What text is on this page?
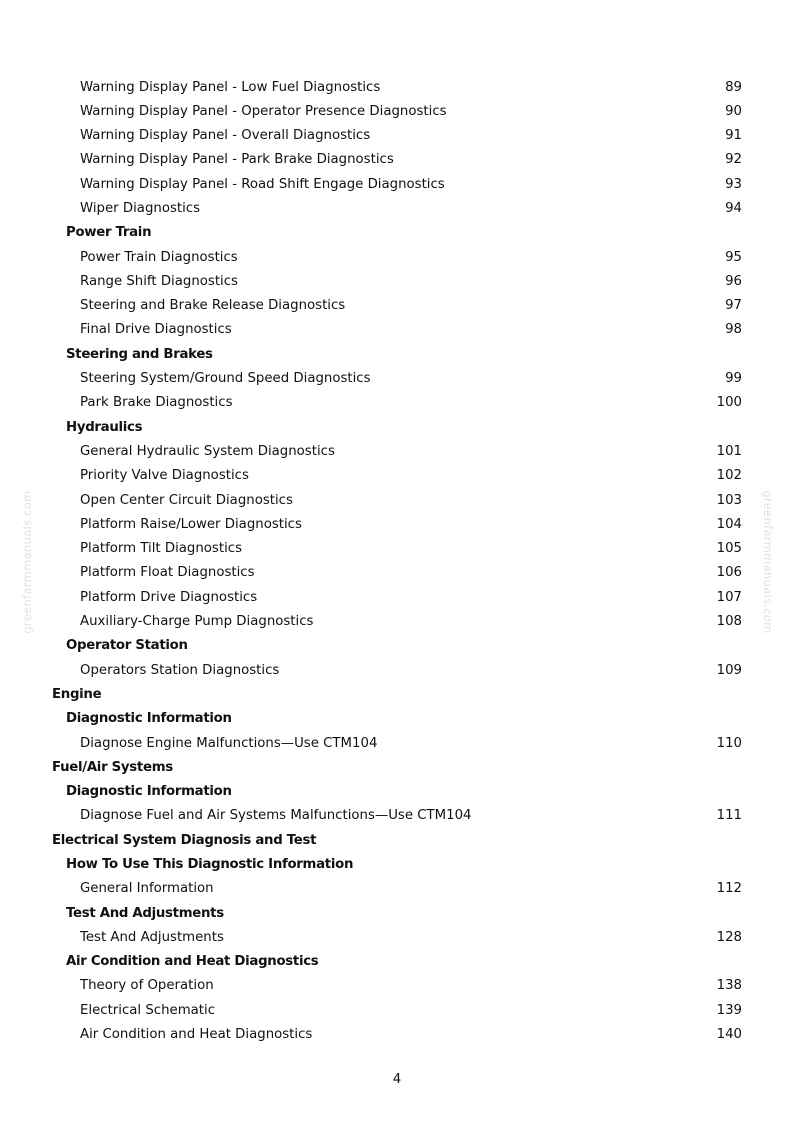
Warning Display Panel - Low Fuel Diagnostics	89
Warning Display Panel - Operator Presence Diagnostics	90
Warning Display Panel - Overall Diagnostics	91
Warning Display Panel - Park Brake Diagnostics	92
Warning Display Panel - Road Shift Engage Diagnostics	93
Wiper Diagnostics	94
Power Train
Power Train Diagnostics	95
Range Shift Diagnostics	96
Steering and Brake Release Diagnostics	97
Final Drive Diagnostics	98
Steering and Brakes
Steering System/Ground Speed Diagnostics	99
Park Brake Diagnostics	100
Hydraulics
General Hydraulic System Diagnostics	101
Priority Valve Diagnostics	102
Open Center Circuit Diagnostics	103
Platform Raise/Lower Diagnostics	104
Platform Tilt Diagnostics	105
Platform Float Diagnostics	106
Platform Drive Diagnostics	107
Auxiliary-Charge Pump Diagnostics	108
Operator Station
Operators Station Diagnostics	109
Engine
Diagnostic Information
Diagnose Engine Malfunctions—Use CTM104	110
Fuel/Air Systems
Diagnostic Information
Diagnose Fuel and Air Systems Malfunctions—Use CTM104	111
Electrical System Diagnosis and Test
How To Use This Diagnostic Information
General Information	112
Test And Adjustments
Test And Adjustments	128
Air Condition and Heat Diagnostics
Theory of Operation	138
Electrical Schematic	139
Air Condition and Heat Diagnostics	140
4
greenfarmmanuals.com	greenfarmmanuals.com
